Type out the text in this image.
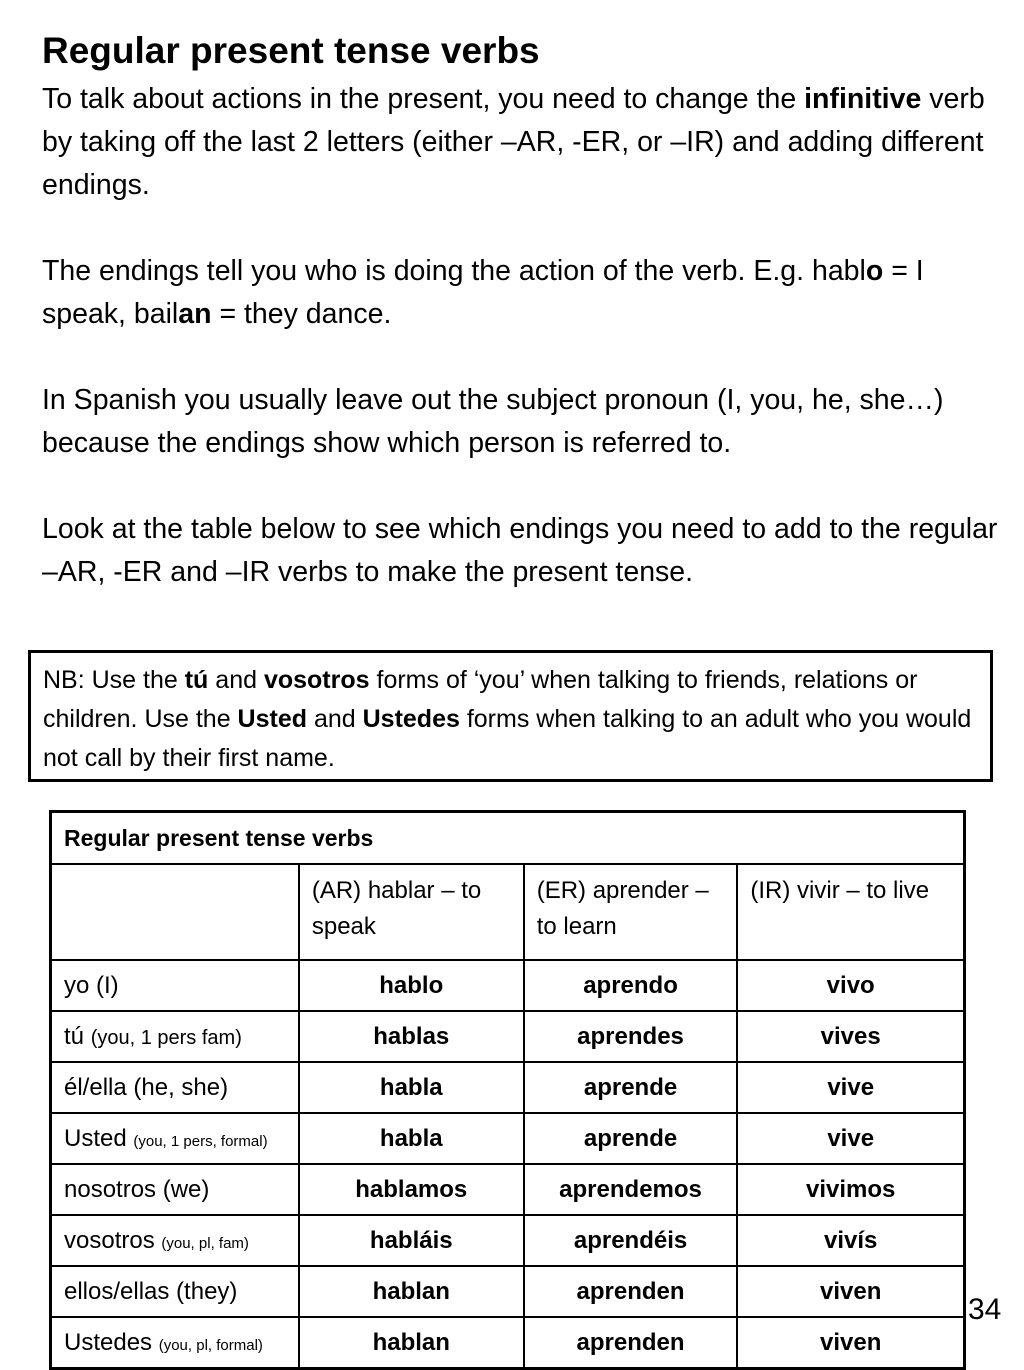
Regular present tense verbs

To talk about actions in the present, you need to change the infinitive verb by taking off the last 2 letters (either –AR, -ER, or –IR) and adding different endings.

The endings tell you who is doing the action of the verb. E.g. hablo = I speak, bailan = they dance.

In Spanish you usually leave out the subject pronoun (I, you, he, she…) because the endings show which person is referred to.

Look at the table below to see which endings you need to add to the regular –AR, -ER and –IR verbs to make the present tense.

NB: Use the tú and vosotros forms of ‘you’ when talking to friends, relations or children. Use the Usted and Ustedes forms when talking to an adult who you would not call by their first name.

Regular present tense verbs			
	(AR) hablar – to speak	(ER) aprender – to learn	(IR) vivir – to live
yo (I)	hablo	aprendo	vivo
tú (you, 1 pers fam)	hablas	aprendes	vives
él/ella (he, she)	habla	aprende	vive
Usted (you, 1 pers, formal)	habla	aprende	vive
nosotros (we)	hablamos	aprendemos	vivimos
vosotros (you, pl, fam)	habláis	aprendéis	vivís
ellos/ellas (they)	hablan	aprenden	viven
Ustedes (you, pl, formal)	hablan	aprenden	viven
34
